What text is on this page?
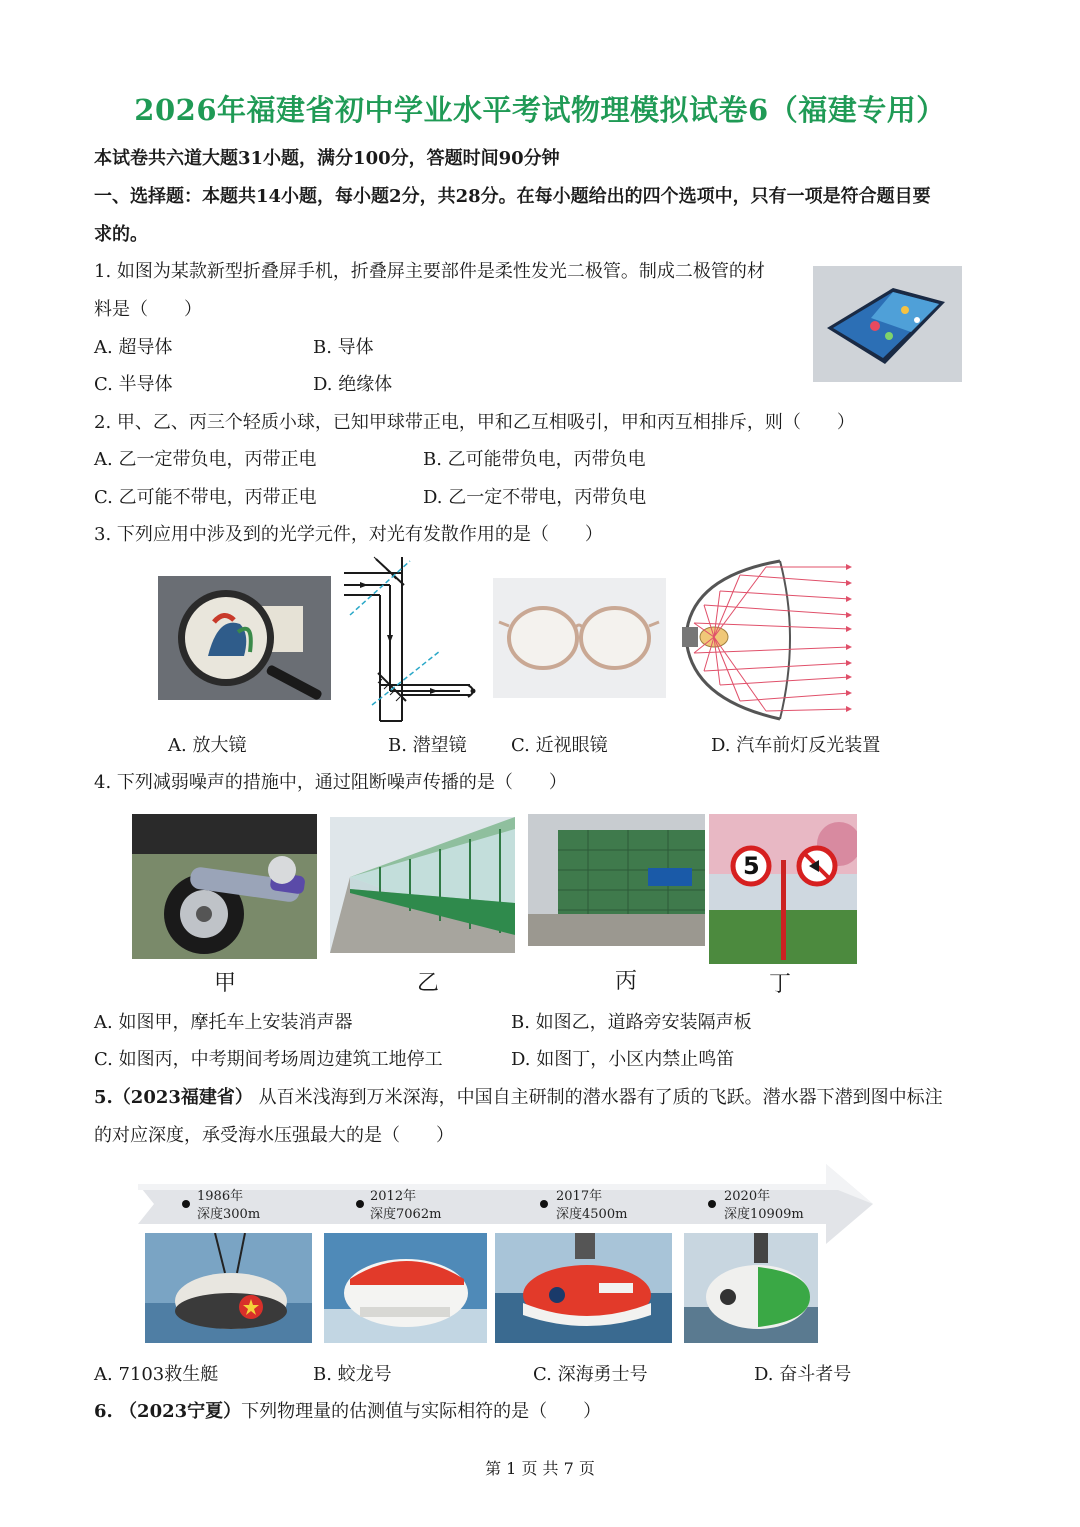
2026年福建省初中学业水平考试物理模拟试卷6（福建专用）
本试卷共六道大题31小题，满分100分，答题时间90分钟
一、选择题：本题共14小题，每小题2分，共28分。在每小题给出的四个选项中，只有一项是符合题目要
求的。
1. 如图为某款新型折叠屏手机，折叠屏主要部件是柔性发光二极管。制成二极管的材
料是（　　）
A. 超导体	B. 导体
C. 半导体	D. 绝缘体
2. 甲、乙、丙三个轻质小球，已知甲球带正电，甲和乙互相吸引，甲和丙互相排斥，则（　　）
A. 乙一定带负电，丙带正电	B. 乙可能带负电，丙带负电
C. 乙可能不带电，丙带正电	D. 乙一定不带电，丙带负电
3. 下列应用中涉及到的光学元件，对光有发散作用的是（　　）
A. 放大镜	B. 潜望镜 C. 近视眼镜	D. 汽车前灯反光装置
4. 下列减弱噪声的措施中，通过阻断噪声传播的是（　　）
5
甲	乙	丙	丁
A. 如图甲，摩托车上安装消声器	B. 如图乙，道路旁安装隔声板
C. 如图丙，中考期间考场周边建筑工地停工	D. 如图丁，小区内禁止鸣笛
5.（2023福建省） 从百米浅海到万米深海，中国自主研制的潜水器有了质的飞跃。潜水器下潜到图中标注
的对应深度，承受海水压强最大的是（　　）
1986年
深度300m
2012年
深度7062m
2017年
深度4500m
2020年
深度10909m
A. 7103救生艇	B. 蛟龙号	C. 深海勇士号	D. 奋斗者号
6. （2023宁夏）下列物理量的估测值与实际相符的是（　　）
第 1 页 共 7 页
